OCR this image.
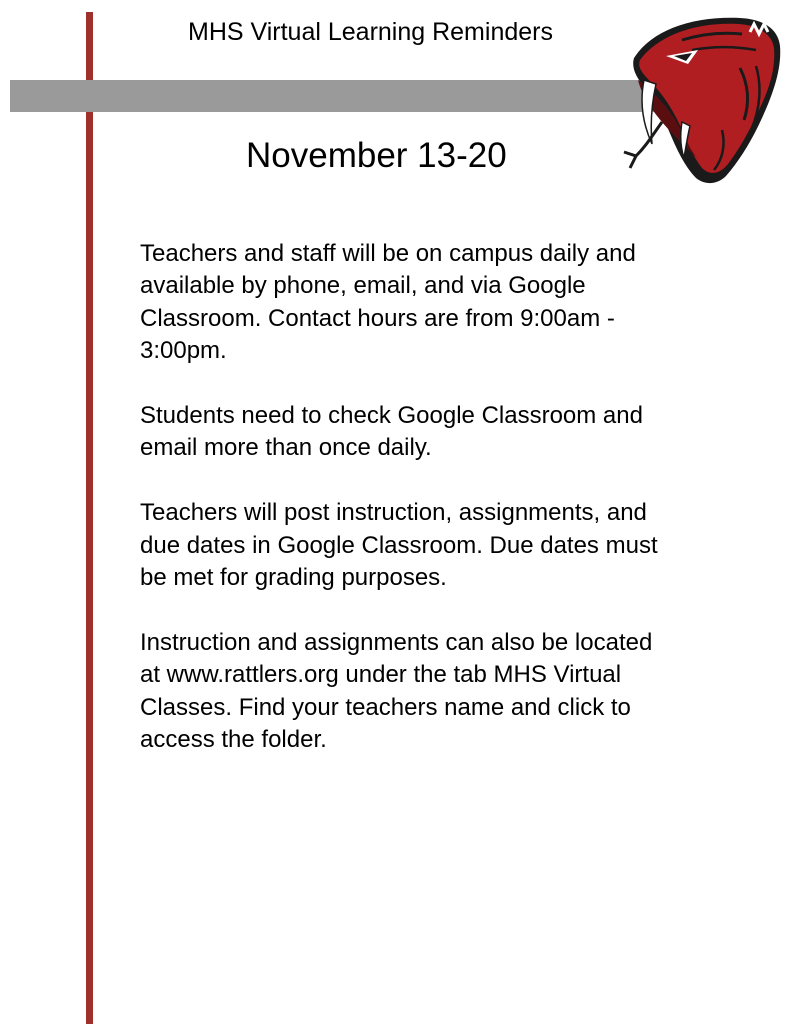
MHS Virtual Learning Reminders
November 13-20

Teachers and staff will be on campus daily and available by phone, email, and via Google Classroom. Contact hours are from 9:00am - 3:00pm.

Students need to check Google Classroom and email more than once daily.

Teachers will post instruction, assignments, and due dates in Google Classroom. Due dates must be met for grading purposes.

Instruction and assignments can also be located at www.rattlers.org under the tab MHS Virtual Classes. Find your teachers name and click to access the folder.
